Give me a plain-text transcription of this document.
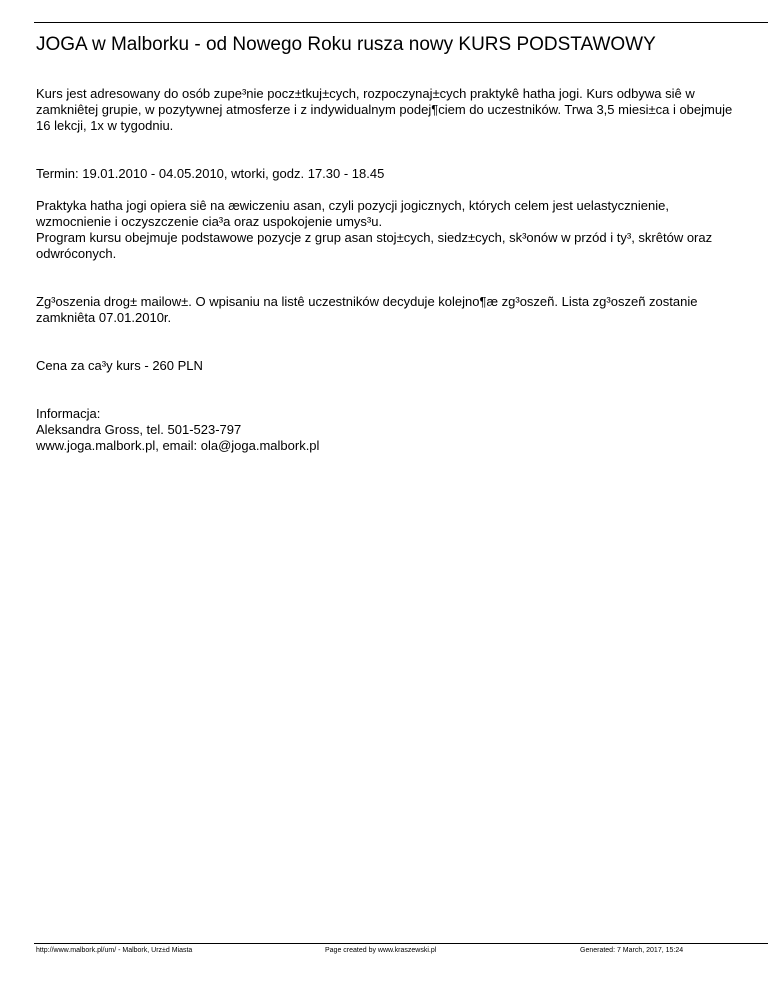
JOGA w Malborku - od Nowego Roku rusza nowy KURS PODSTAWOWY
Kurs jest adresowany do osób zupe³nie pocz±tkuj±cych, rozpoczynaj±cych praktykê hatha jogi. Kurs odbywa siê w
zamkniêtej grupie, w pozytywnej atmosferze i z indywidualnym podej¶ciem do uczestników. Trwa 3,5 miesi±ca i obejmuje
16 lekcji, 1x w tygodniu.
Termin: 19.01.2010 - 04.05.2010, wtorki, godz. 17.30 - 18.45
Praktyka hatha jogi opiera siê na æwiczeniu asan, czyli pozycji jogicznych, których celem jest uelastycznienie,
wzmocnienie i oczyszczenie cia³a oraz uspokojenie umys³u.
Program kursu obejmuje podstawowe pozycje z grup asan stoj±cych, siedz±cych, sk³onów w przód i ty³, skrêtów oraz
odwróconych.
Zg³oszenia drog± mailow±. O wpisaniu na listê uczestników decyduje kolejno¶æ zg³oszeñ. Lista zg³oszeñ zostanie
zamkniêta 07.01.2010r.
Cena za ca³y kurs - 260 PLN
Informacja:
Aleksandra Gross, tel. 501-523-797
www.joga.malbork.pl, email: ola@joga.malbork.pl
http://www.malbork.pl/um/ - Malbork, Urz±d Miasta	Page created by www.kraszewski.pl	Generated: 7 March, 2017, 15:24
